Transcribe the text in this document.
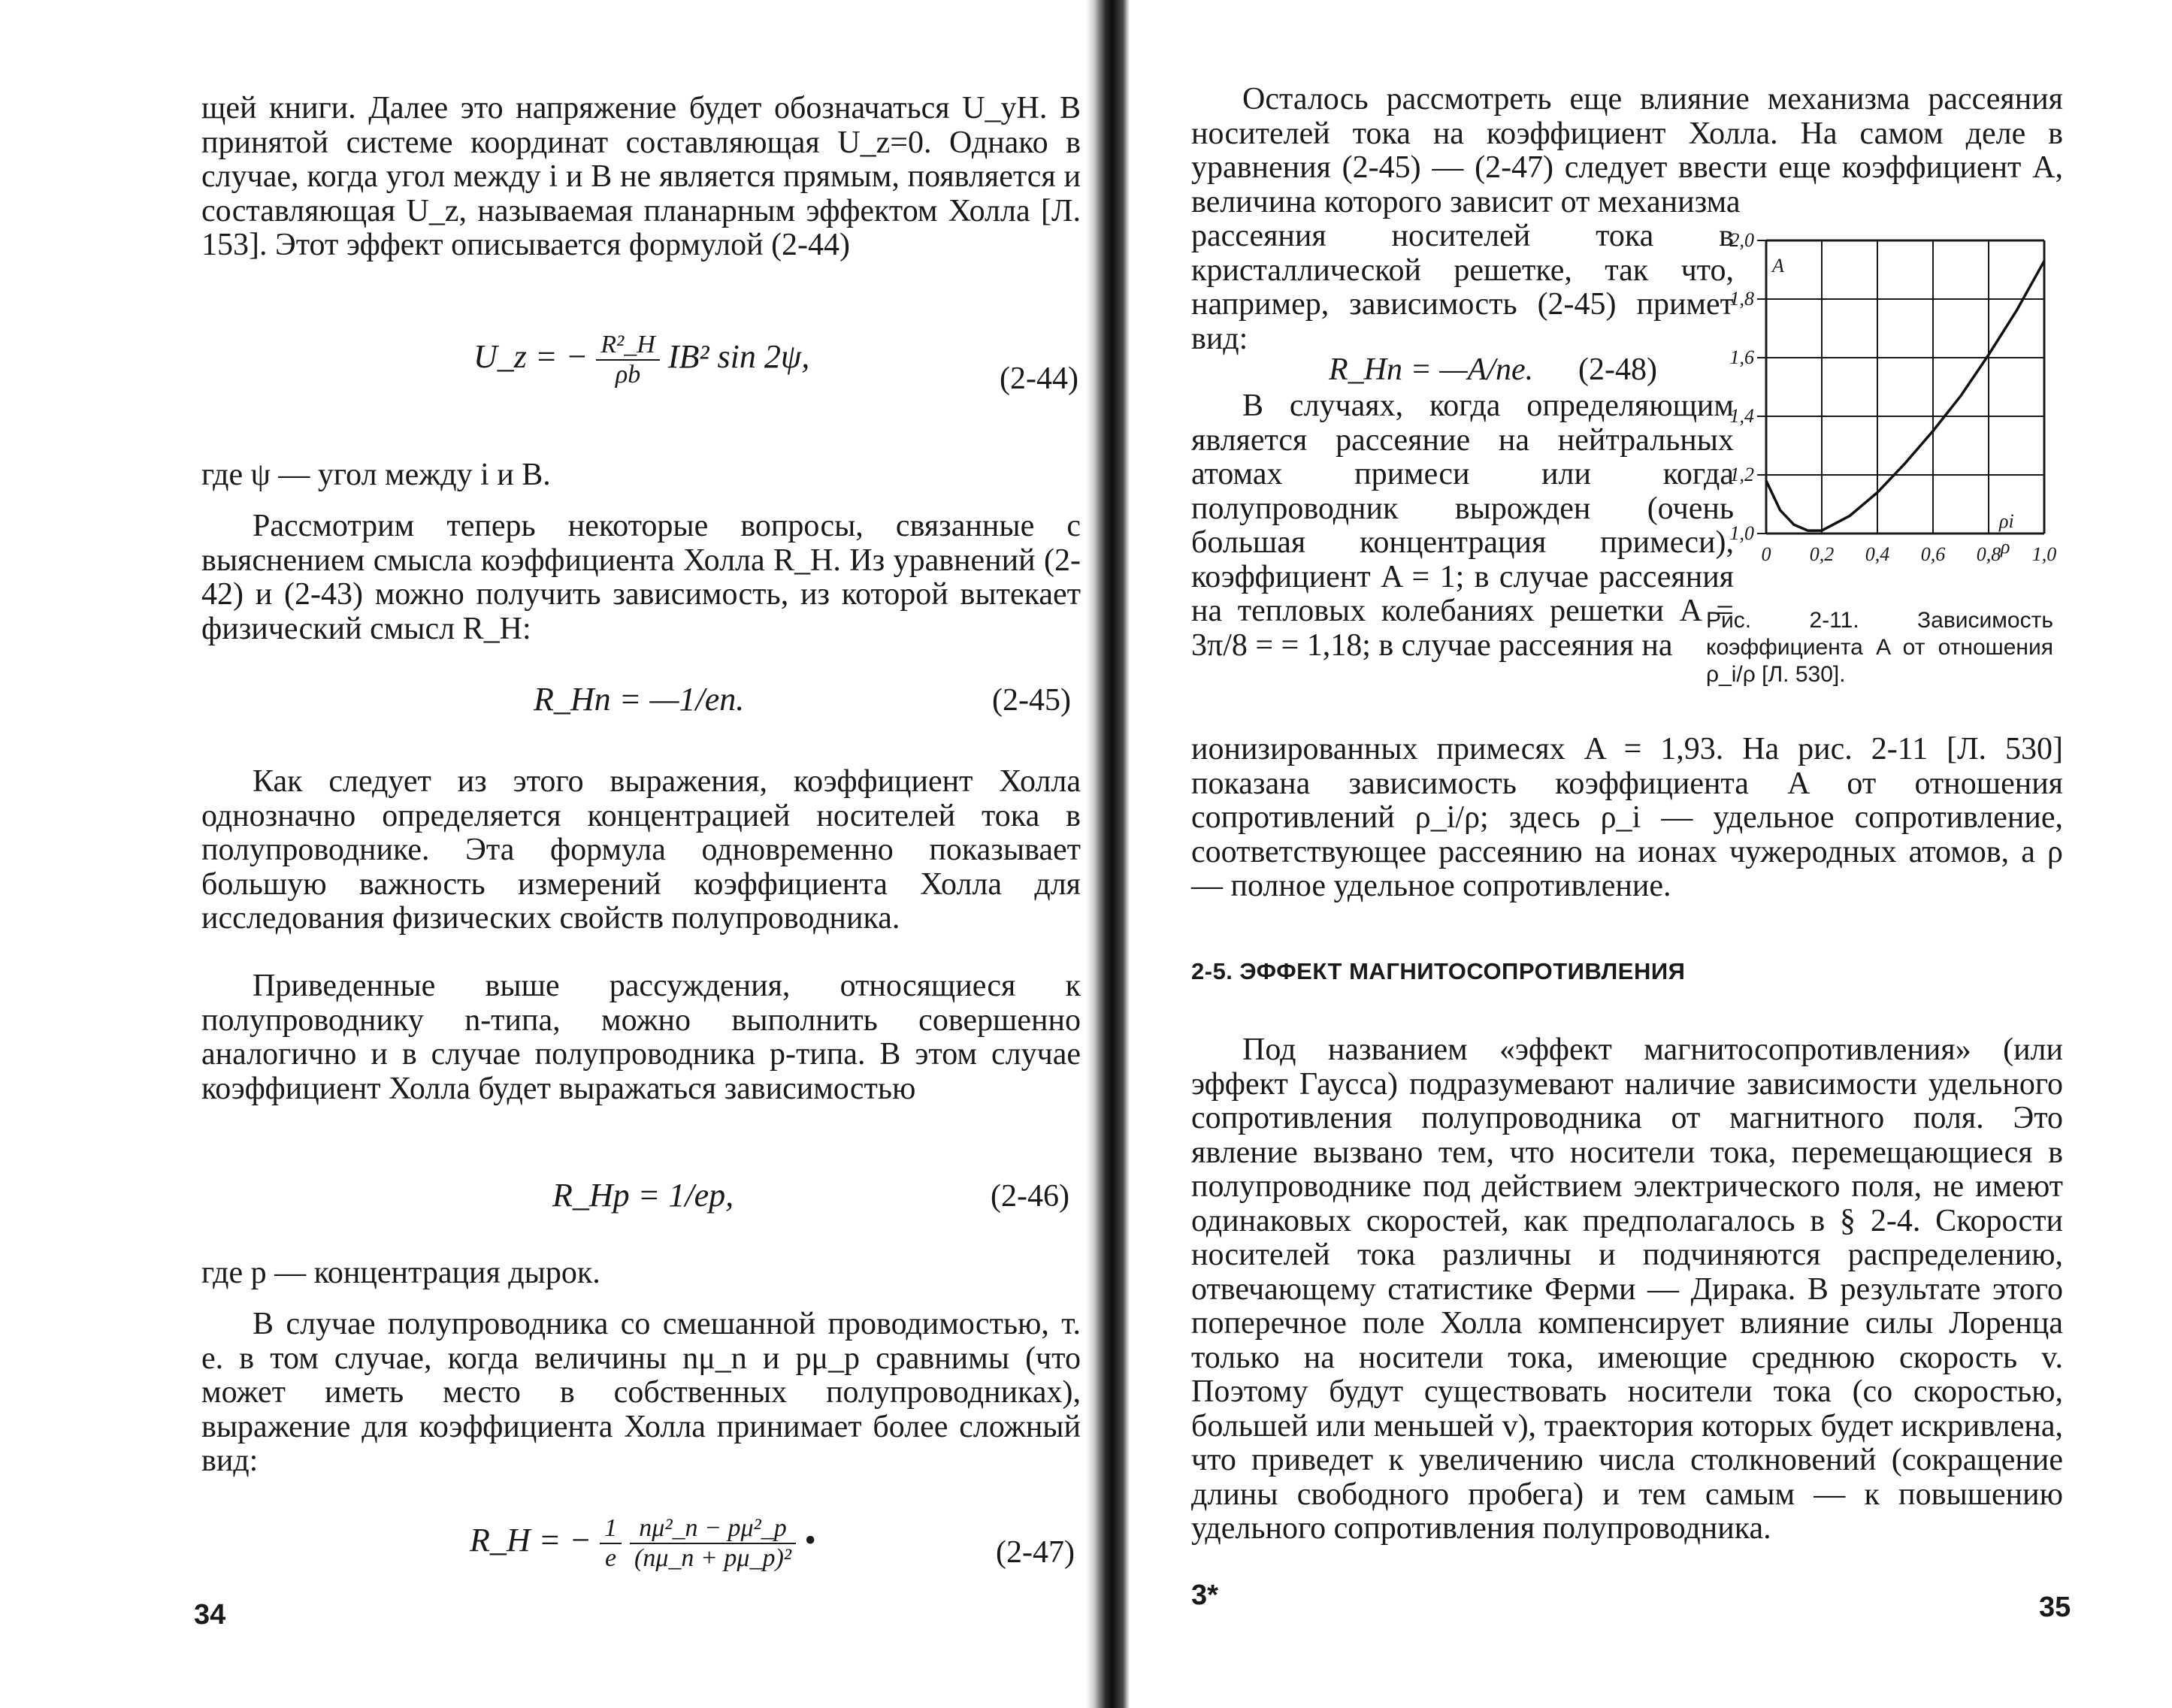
щей книги. Далее это напряжение будет обозначаться U_yH. В принятой системе координат составляющая U_z=0. Однако в случае, когда угол между i и B не является прямым, появляется и составляющая U_z, называемая планарным эффектом Холла [Л. 153]. Этот эффект описывается формулой (2-44)

U_z = − $\frac{\text{R²\_H}}{\rho b} IB^2$ sin 2ψ,
(2-44)

где ψ — угол между i и B.

Рассмотрим теперь некоторые вопросы, связанные с выяснением смысла коэффициента Холла R_H. Из уравнений (2-42) и (2-43) можно получить зависимость, из которой вытекает физический смысл R_H:

R_Hn = —1/en.	(2-45)

Как следует из этого выражения, коэффициент Холла однозначно определяется концентрацией носителей тока в полупроводнике. Эта формула одновременно показывает большую важность измерений коэффициента Холла для исследования физических свойств полупроводника.

Приведенные выше рассуждения, относящиеся к полупроводнику n-типа, можно выполнить совершенно аналогично и в случае полупроводника p-типа. В этом случае коэффициент Холла будет выражаться зависимостью

R_Hp = 1/ep,	(2-46)

где p — концентрация дырок.

В случае полупроводника со смешанной проводимостью, т. е. в том случае, когда величины nμ_n и pμ_p сравнимы (что может иметь место в собственных полупроводниках), выражение для коэффициента Холла принимает более сложный вид:

R_H = − $\frac{1}{e}$
$\frac{\text{nμ²\_n − pμ²\_p}}{\text{(nμ\_n + pμ\_p)²}}$ •	(2-47)
34

Осталось рассмотреть еще влияние механизма рассеяния носителей тока на коэффициент Холла. На самом деле в уравнения (2-45) — (2-47) следует ввести еще коэффициент A, величина которого зависит от механизма

рассеяния носителей тока в кристаллической решетке, так что, например, зависимость (2-45) примет вид:

R_Hn = —A/ne. (2-48)

В случаях, когда определяющим является рассеяние на нейтральных атомах примеси или когда полупроводник вырожден (очень большая концентрация примеси), коэффициент A = 1; в случае рассеяния на тепловых колебаниях решетки A = 3π/8 = = 1,18; в случае рассеяния на

ионизированных примесях A = 1,93. На рис. 2-11 [Л. 530] показана зависимость коэффициента A от отношения сопротивлений ρ_i/ρ; здесь ρ_i — удельное сопротивление, соответствующее рассеянию на ионах чужеродных атомов, а ρ — полное удельное сопротивление.

0 0,2 0,4 0,6 0,8 1,0
1,0
1,2
1,4
1,6
1,8
2,0
A
ρi
ρ
Рис. 2-11. Зависимость коэффициента A от отношения ρ_i/ρ [Л. 530].
2-5. ЭФФЕКТ МАГНИТОСОПРОТИВЛЕНИЯ

Под названием «эффект магнитосопротивления» (или эффект Гаусса) подразумевают наличие зависимости удельного сопротивления полупроводника от магнитного поля. Это явление вызвано тем, что носители тока, перемещающиеся в полупроводнике под действием электрического поля, не имеют одинаковых скоростей, как предполагалось в § 2-4. Скорости носителей тока различны и подчиняются распределению, отвечающему статистике Ферми — Дирака. В результате этого поперечное поле Холла компенсирует влияние силы Лоренца только на носители тока, имеющие среднюю скорость v. Поэтому будут существовать носители тока (со скоростью, большей или меньшей v), траектория которых будет искривлена, что приведет к увеличению числа столкновений (сокращение длины свободного пробега) и тем самым — к повышению удельного сопротивления полупроводника.

3*	35
